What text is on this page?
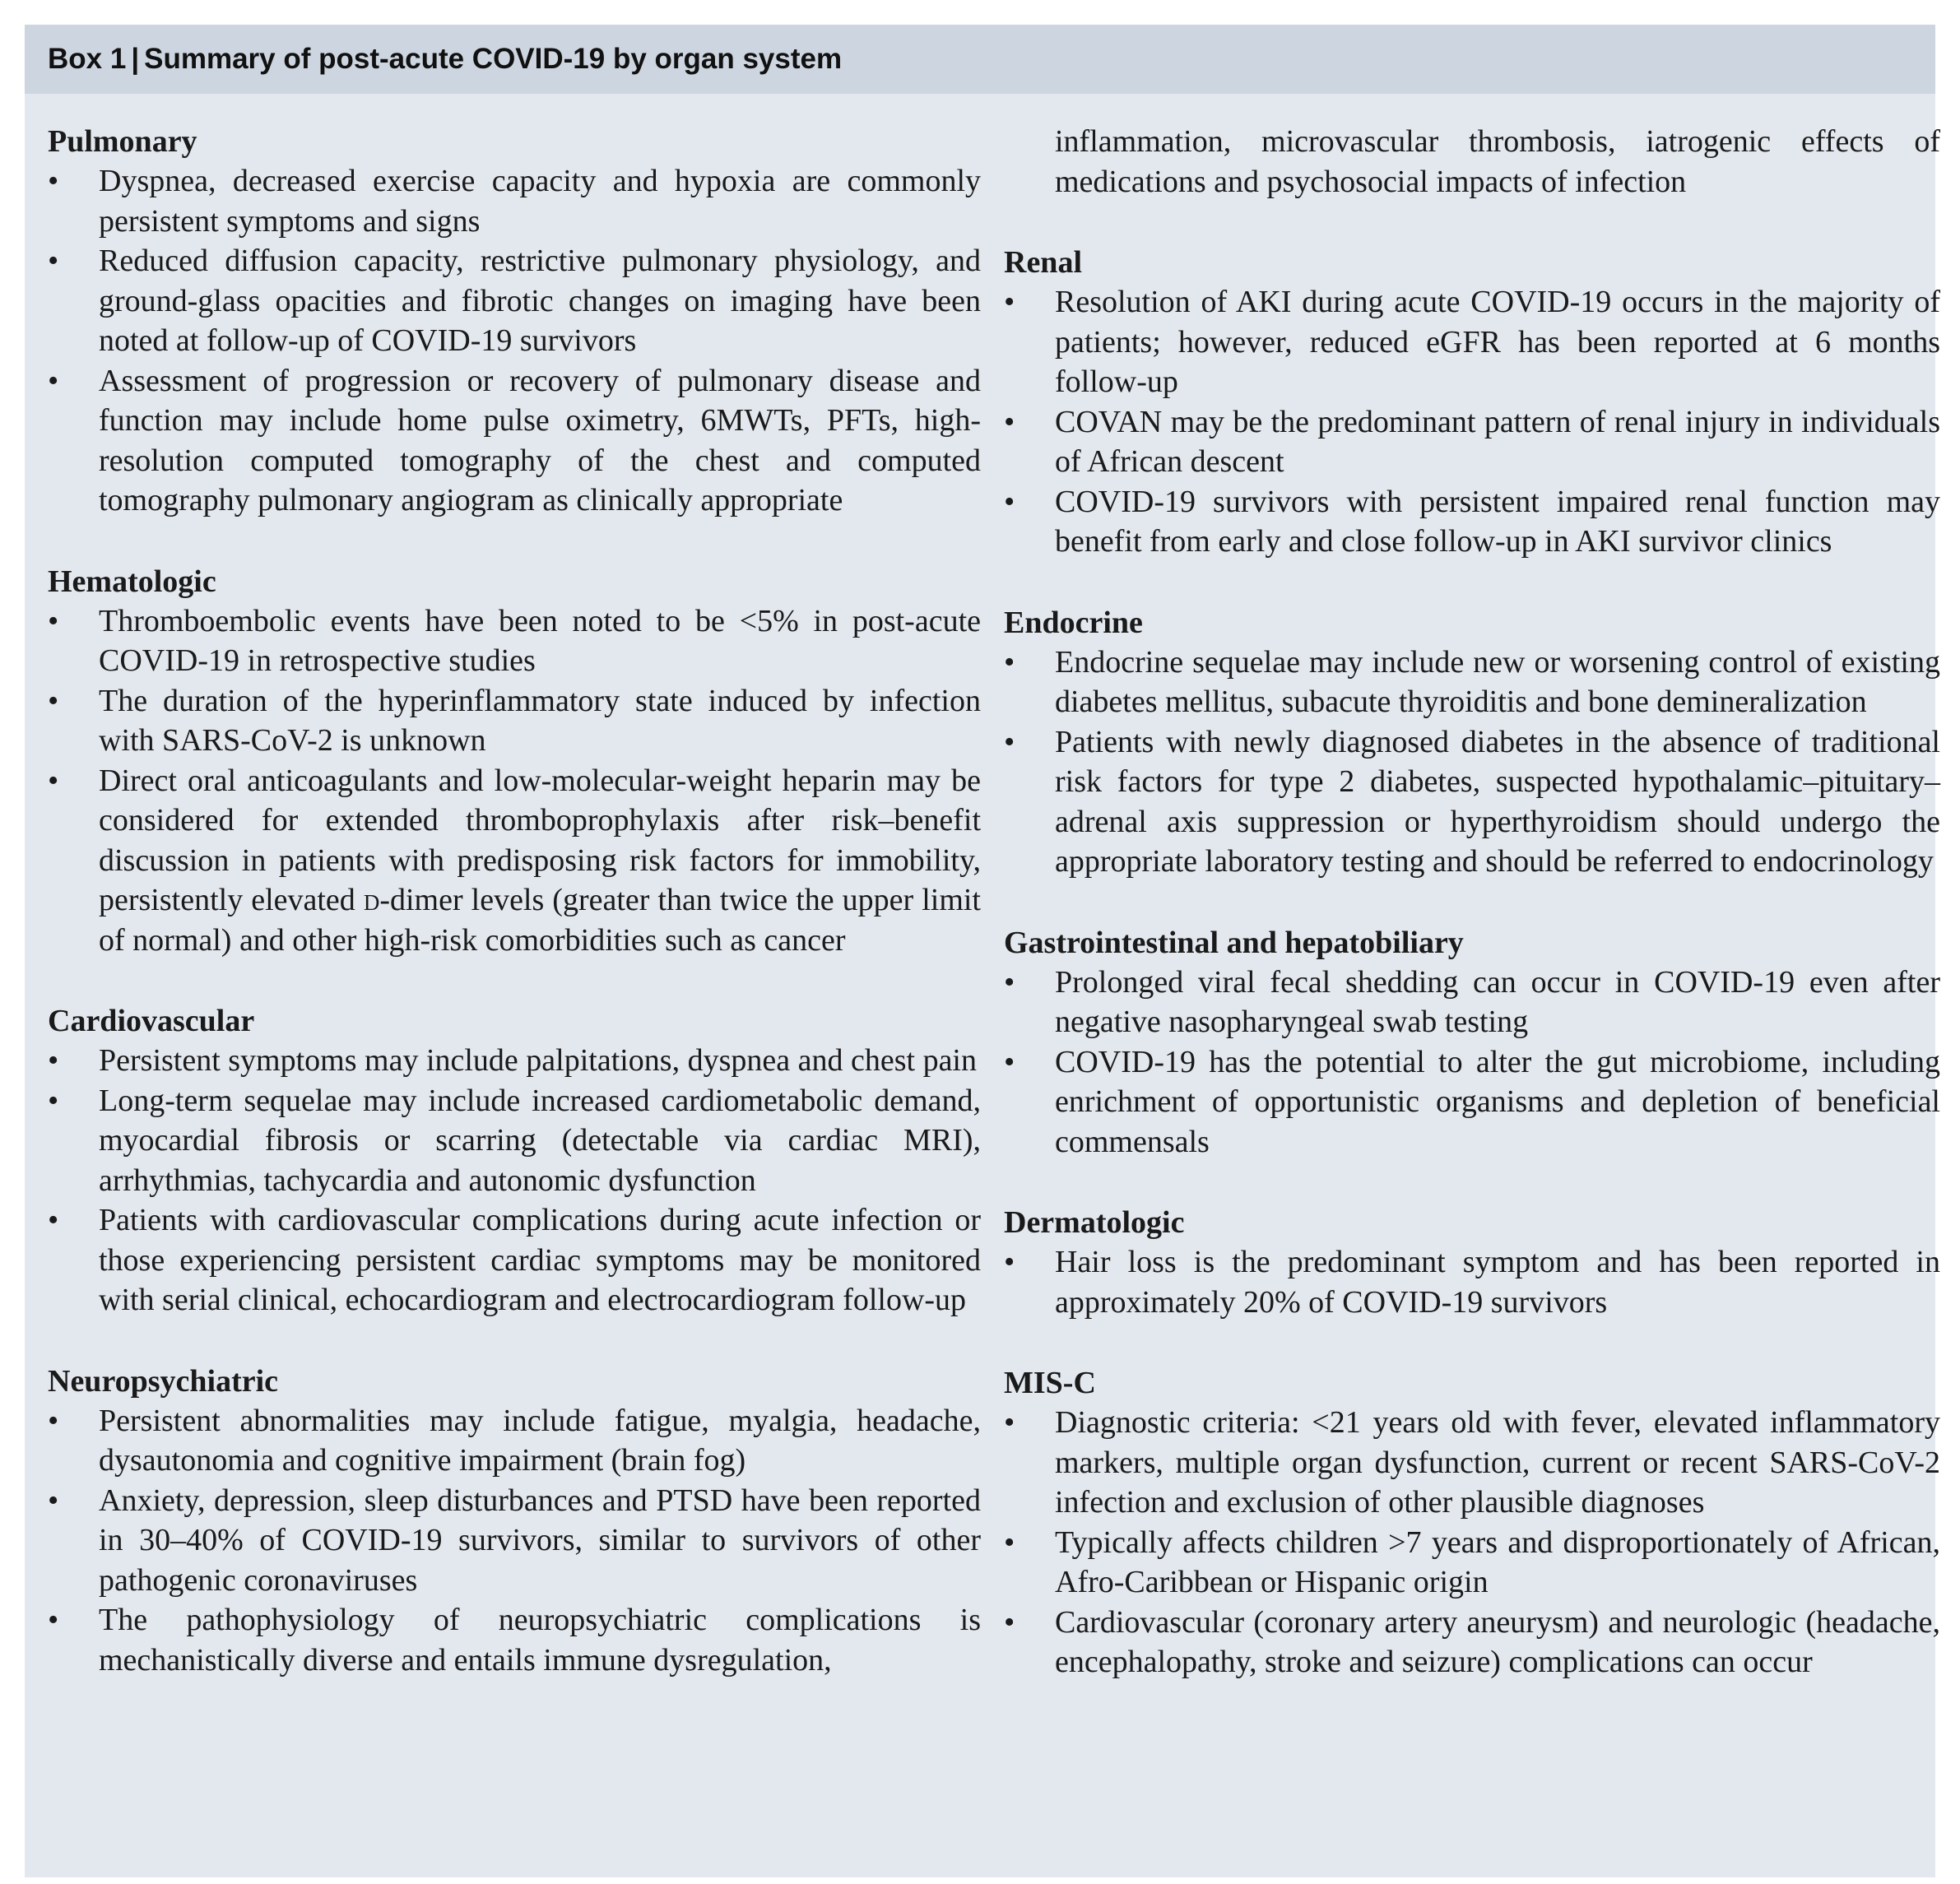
Box 1 | Summary of post-acute COVID-19 by organ system

Pulmonary

• Dyspnea, decreased exercise capacity and hypoxia are commonly persistent symptoms and signs
• Reduced diffusion capacity, restrictive pulmonary physiology, and ground-glass opacities and fibrotic changes on imaging have been noted at follow-up of COVID-19 survivors
• Assessment of progression or recovery of pulmonary disease and function may include home pulse oximetry, 6MWTs, PFTs, high-resolution computed tomography of the chest and computed tomography pulmonary angiogram as clinically appropriate

Hematologic

• Thromboembolic events have been noted to be <5% in post-acute COVID-19 in retrospective studies
• The duration of the hyperinflammatory state induced by infection with SARS-CoV-2 is unknown
• Direct oral anticoagulants and low-molecular-weight heparin may be considered for extended thromboprophylaxis after risk–benefit discussion in patients with predisposing risk factors for immobility, persistently elevated d-dimer levels (greater than twice the upper limit of normal) and other high-risk comorbidities such as cancer

Cardiovascular

• Persistent symptoms may include palpitations, dyspnea and chest pain
• Long-term sequelae may include increased cardiometabolic demand, myocardial fibrosis or scarring (detectable via cardiac MRI), arrhythmias, tachycardia and autonomic dysfunction
• Patients with cardiovascular complications during acute infection or those experiencing persistent cardiac symptoms may be monitored with serial clinical, echocardiogram and electrocardiogram follow-up

Neuropsychiatric

• Persistent abnormalities may include fatigue, myalgia, headache, dysautonomia and cognitive impairment (brain fog)
• Anxiety, depression, sleep disturbances and PTSD have been reported in 30–40% of COVID-19 survivors, similar to survivors of other pathogenic coronaviruses
• The pathophysiology of neuropsychiatric complications is mechanistically diverse and entails immune dysregulation,

inflammation, microvascular thrombosis, iatrogenic effects of medications and psychosocial impacts of infection

Renal

• Resolution of AKI during acute COVID-19 occurs in the majority of patients; however, reduced eGFR has been reported at 6 months follow-up
• COVAN may be the predominant pattern of renal injury in individuals of African descent
• COVID-19 survivors with persistent impaired renal function may benefit from early and close follow-up in AKI survivor clinics

Endocrine

• Endocrine sequelae may include new or worsening control of existing diabetes mellitus, subacute thyroiditis and bone demineralization
• Patients with newly diagnosed diabetes in the absence of traditional risk factors for type 2 diabetes, suspected hypothalamic–pituitary–adrenal axis suppression or hyperthyroidism should undergo the appropriate laboratory testing and should be referred to endocrinology

Gastrointestinal and hepatobiliary

• Prolonged viral fecal shedding can occur in COVID-19 even after negative nasopharyngeal swab testing
• COVID-19 has the potential to alter the gut microbiome, including enrichment of opportunistic organisms and depletion of beneficial commensals

Dermatologic

• Hair loss is the predominant symptom and has been reported in approximately 20% of COVID-19 survivors

MIS-C

• Diagnostic criteria: <21 years old with fever, elevated inflammatory markers, multiple organ dysfunction, current or recent SARS-CoV-2 infection and exclusion of other plausible diagnoses
• Typically affects children >7 years and disproportionately of African, Afro-Caribbean or Hispanic origin
• Cardiovascular (coronary artery aneurysm) and neurologic (headache, encephalopathy, stroke and seizure) complications can occur
